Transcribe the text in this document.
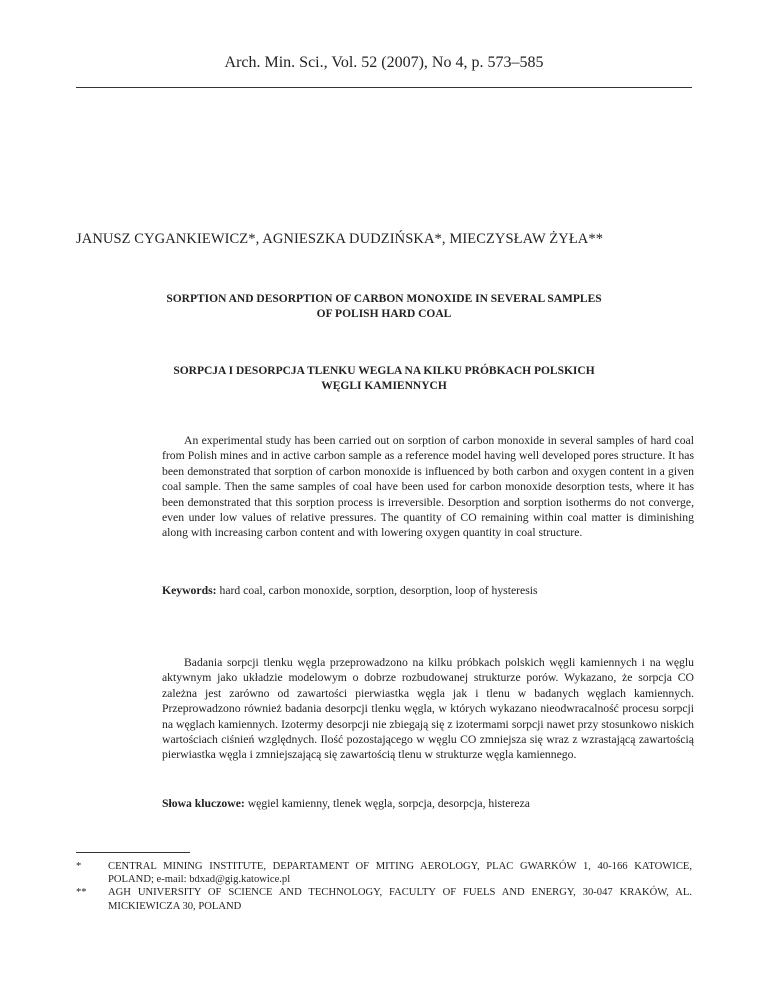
Arch. Min. Sci., Vol. 52 (2007), No 4, p. 573–585
JANUSZ CYGANKIEWICZ*, AGNIESZKA DUDZIŃSKA*, MIECZYSŁAW ŻYŁA**
SORPTION AND DESORPTION OF CARBON MONOXIDE IN SEVERAL SAMPLES
OF POLISH HARD COAL
SORPCJA I DESORPCJA TLENKU WEGLA NA KILKU PRÓBKACH POLSKICH
WĘGLI KAMIENNYCH

An experimental study has been carried out on sorption of carbon monoxide in several samples of hard coal from Polish mines and in active carbon sample as a reference model having well developed pores structure. It has been demonstrated that sorption of carbon monoxide is influenced by both carbon and oxygen content in a given coal sample. Then the same samples of coal have been used for carbon monoxide desorption tests, where it has been demonstrated that this sorption process is irreversible. Desorption and sorption isotherms do not converge, even under low values of relative pressures. The quantity of CO remaining within coal matter is diminishing along with increasing carbon content and with lowering oxygen quantity in coal structure.

Keywords: hard coal, carbon monoxide, sorption, desorption, loop of hysteresis

Badania sorpcji tlenku węgla przeprowadzono na kilku próbkach polskich węgli kamiennych i na węglu aktywnym jako układzie modelowym o dobrze rozbudowanej strukturze porów. Wykazano, że sorpcja CO zależna jest zarówno od zawartości pierwiastka węgla jak i tlenu w badanych węglach kamiennych. Przeprowadzono również badania desorpcji tlenku węgla, w których wykazano nieodwracalność procesu sorpcji na węglach kamiennych. Izotermy desorpcji nie zbiegają się z izotermami sorpcji nawet przy stosunkowo niskich wartościach ciśnień względnych. Ilość pozostającego w węglu CO zmniejsza się wraz z wzrastającą zawartością pierwiastka węgla i zmniejszającą się zawartością tlenu w strukturze węgla kamiennego.

Słowa kluczowe: węgiel kamienny, tlenek węgla, sorpcja, desorpcja, histereza
*	CENTRAL MINING INSTITUTE, DEPARTAMENT OF MITING AEROLOGY, PLAC GWARKÓW 1, 40-166 KATOWICE, POLAND; e-mail: bdxad@gig.katowice.pl
** AGH UNIVERSITY OF SCIENCE AND TECHNOLOGY, FACULTY OF FUELS AND ENERGY, 30-047 KRAKÓW, AL. MICKIEWICZA 30, POLAND
